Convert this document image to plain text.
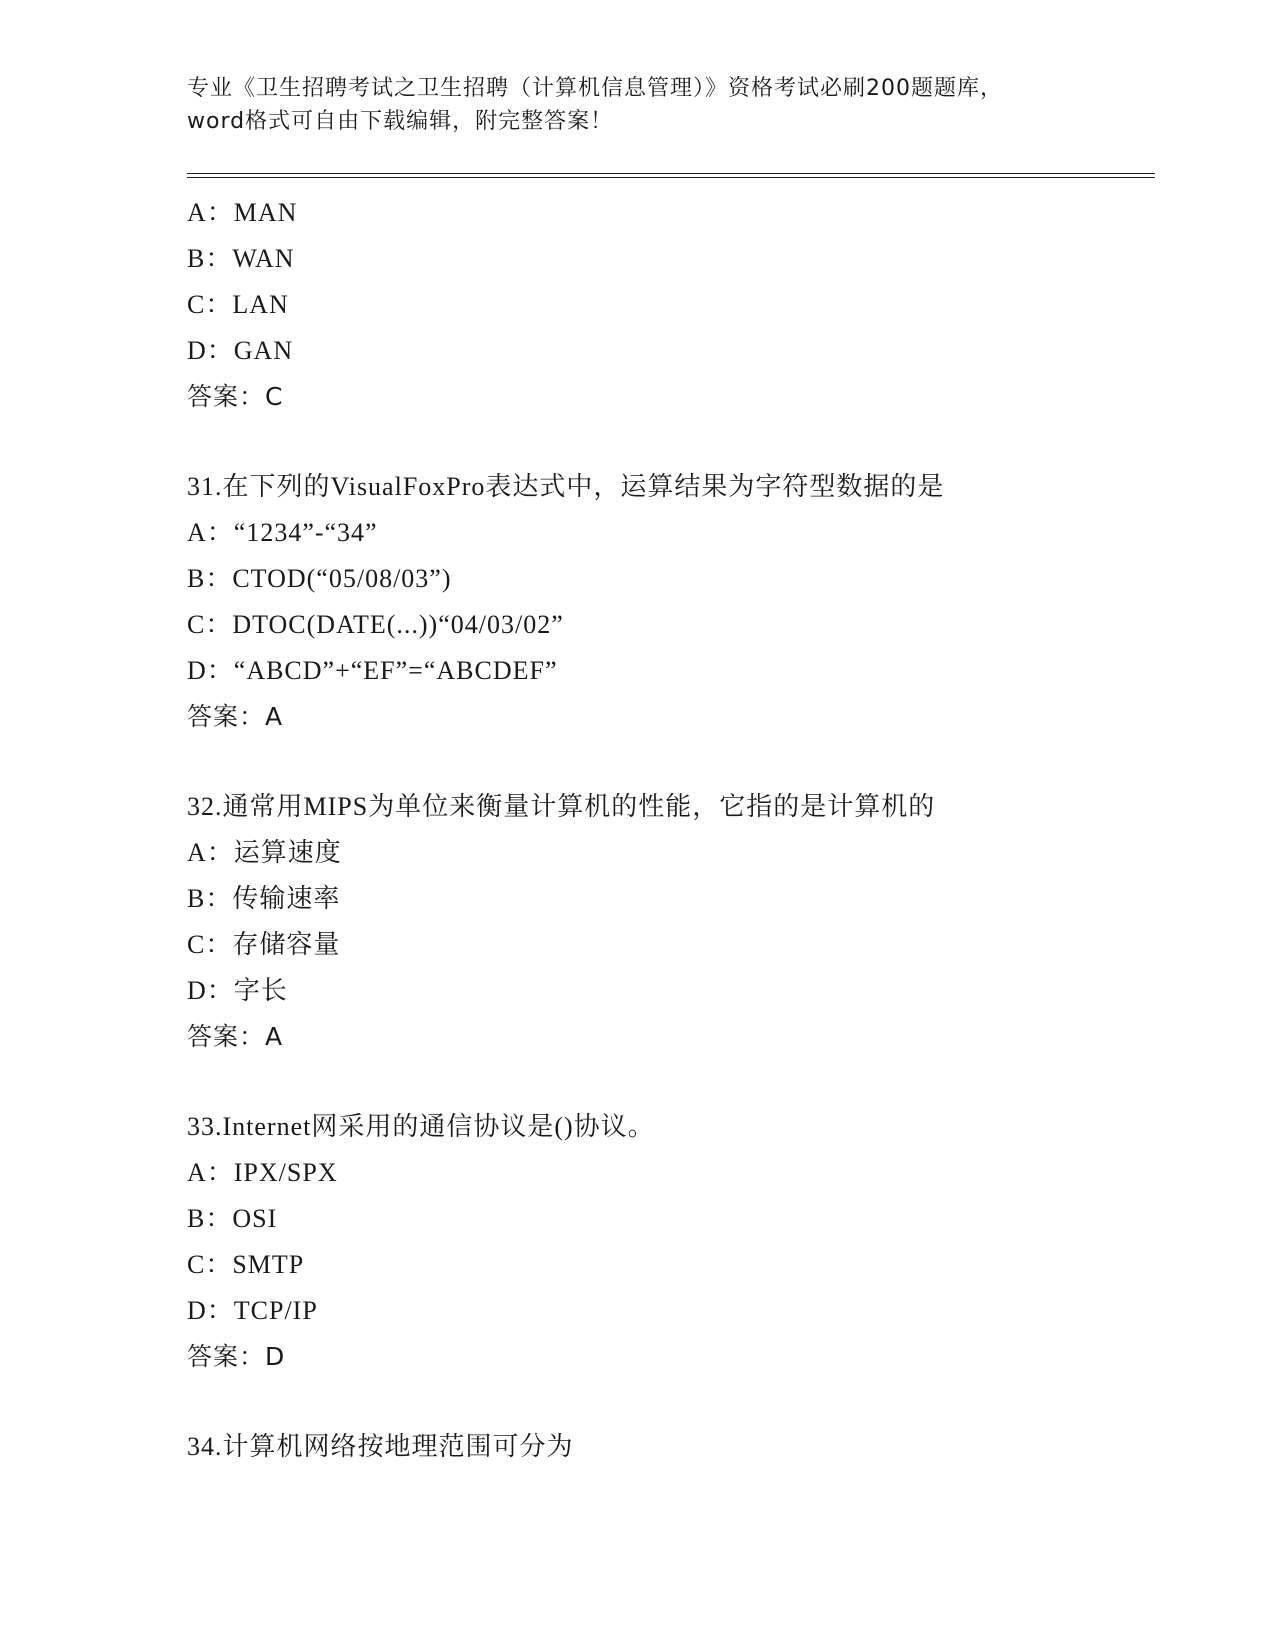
专业《卫生招聘考试之卫生招聘（计算机信息管理）》资格考试必刷200题题库，
word格式可自由下载编辑，附完整答案！
A：MAN
B：WAN
C：LAN
D：GAN
答案：C
31.在下列的VisualFoxPro表达式中，运算结果为字符型数据的是
A：“1234”-“34”
B：CTOD(“05/08/03”)
C：DTOC(DATE(...))“04/03/02”
D：“ABCD”+“EF”=“ABCDEF”
答案：A
32.通常用MIPS为单位来衡量计算机的性能，它指的是计算机的
A：运算速度
B：传输速率
C：存储容量
D：字长
答案：A
33.Internet网采用的通信协议是()协议。
A：IPX/SPX
B：OSI
C：SMTP
D：TCP/IP
答案：D
34.计算机网络按地理范围可分为
